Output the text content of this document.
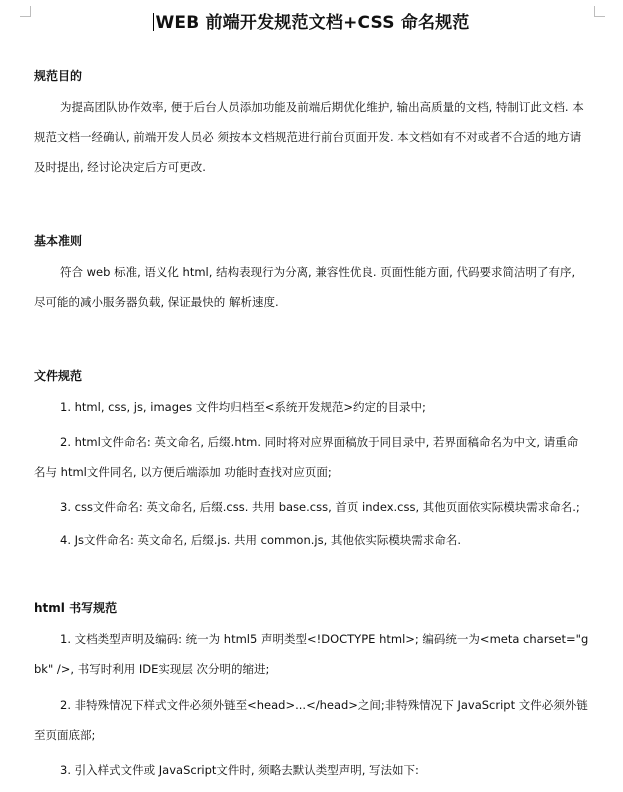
WEB 前端开发规范文档+CSS 命名规范
规范目的
为提高团队协作效率, 便于后台人员添加功能及前端后期优化维护, 输出高质量的文档, 特制订此文档. 本规范文档一经确认, 前端开发人员必 须按本文档规范进行前台页面开发. 本文档如有不对或者不合适的地方请及时提出, 经讨论决定后方可更改.
基本准则
符合 web 标准, 语义化 html, 结构表现行为分离, 兼容性优良. 页面性能方面, 代码要求简洁明了有序, 尽可能的减小服务器负载, 保证最快的 解析速度.
文件规范
1. html, css, js, images 文件均归档至<系统开发规范>约定的目录中;
2. html文件命名: 英文命名, 后缀.htm. 同时将对应界面稿放于同目录中, 若界面稿命名为中文, 请重命名与 html文件同名, 以方便后端添加 功能时查找对应页面;
3. css文件命名: 英文命名, 后缀.css. 共用 base.css, 首页 index.css, 其他页面依实际模块需求命名.;
4. Js文件命名: 英文命名, 后缀.js. 共用 common.js, 其他依实际模块需求命名.
html 书写规范
1. 文档类型声明及编码: 统一为 html5 声明类型<!DOCTYPE html>; 编码统一为<meta charset="gbk" />, 书写时利用 IDE实现层 次分明的缩进;
2. 非特殊情况下样式文件必须外链至<head>...</head>之间;非特殊情况下 JavaScript 文件必须外链至页面底部;
3. 引入样式文件或 JavaScript文件时, 须略去默认类型声明, 写法如下:
